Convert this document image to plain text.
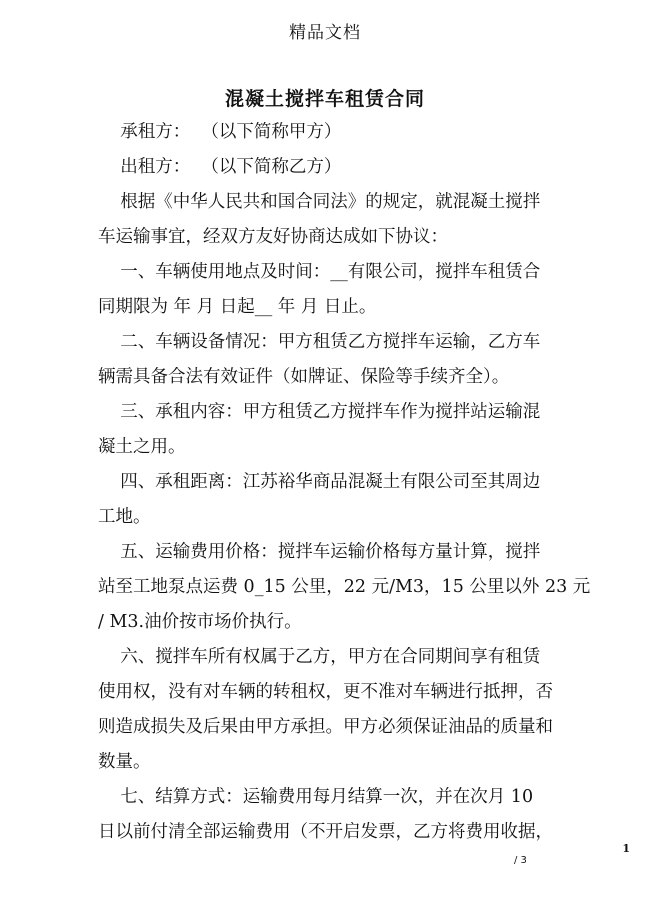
精品文档
混凝土搅拌车租赁合同
承租方：  （以下简称甲方）
出租方：  （以下简称乙方）
根据《中华人民共和国合同法》的规定，就混凝土搅拌
车运输事宜，经双方友好协商达成如下协议：
一、车辆使用地点及时间：__有限公司，搅拌车租赁合
同期限为 年 月 日起__ 年 月 日止。
二、车辆设备情况：甲方租赁乙方搅拌车运输，乙方车
辆需具备合法有效证件（如牌证、保险等手续齐全）。
三、承租内容：甲方租赁乙方搅拌车作为搅拌站运输混
凝土之用。
四、承租距离：江苏裕华商品混凝土有限公司至其周边
工地。
五、运输费用价格：搅拌车运输价格每方量计算，搅拌
站至工地泵点运费 0_15 公里，22 元/M3，15 公里以外 23 元
/ M3.油价按市场价执行。
六、搅拌车所有权属于乙方，甲方在合同期间享有租赁
使用权，没有对车辆的转租权，更不准对车辆进行抵押，否
则造成损失及后果由甲方承担。甲方必须保证油品的质量和
数量。
七、结算方式：运输费用每月结算一次，并在次月 10
日以前付清全部运输费用（不开启发票，乙方将费用收据，
1
/ 3
